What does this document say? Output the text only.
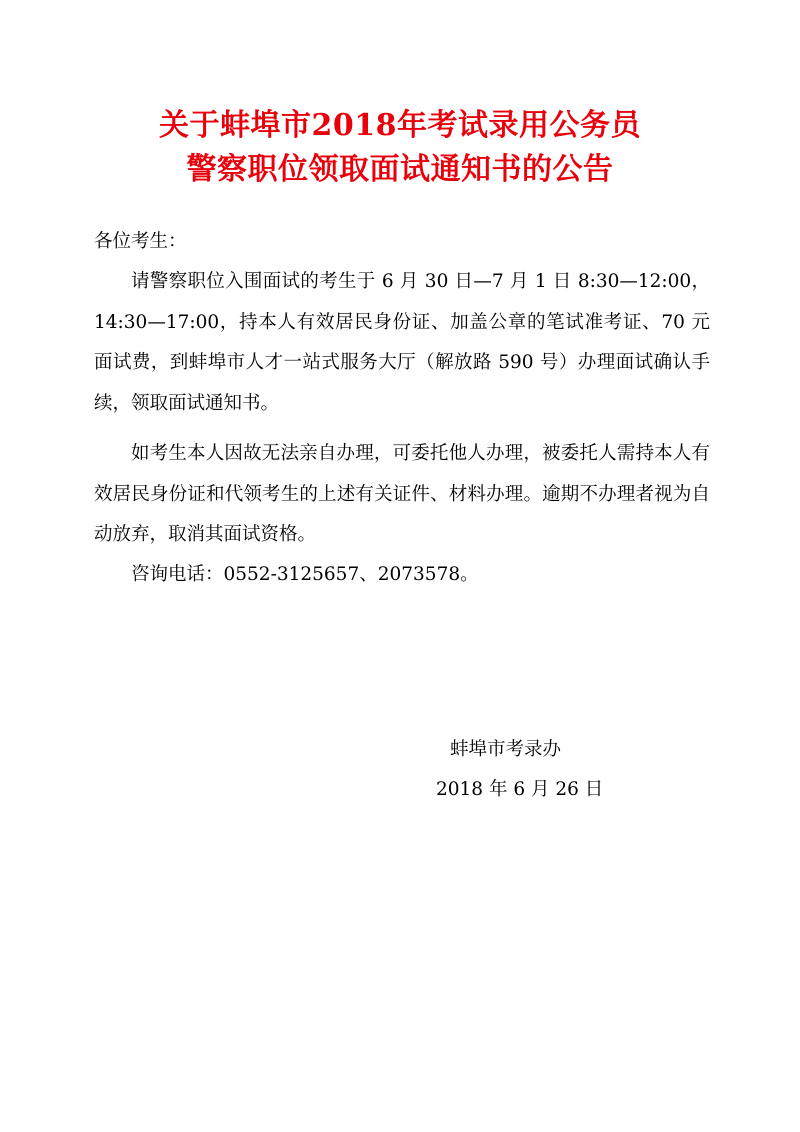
关于蚌埠市2018年考试录用公务员
警察职位领取面试通知书的公告
各位考生：
请警察职位入围面试的考生于 6 月 30 日—7 月 1 日 8:30—12:00，14:30—17:00，持本人有效居民身份证、加盖公章的笔试准考证、70 元面试费，到蚌埠市人才一站式服务大厅（解放路 590 号）办理面试确认手续，领取面试通知书。
如考生本人因故无法亲自办理，可委托他人办理，被委托人需持本人有效居民身份证和代领考生的上述有关证件、材料办理。逾期不办理者视为自动放弃，取消其面试资格。
咨询电话：0552-3125657、2073578。
蚌埠市考录办
2018 年 6 月 26 日
